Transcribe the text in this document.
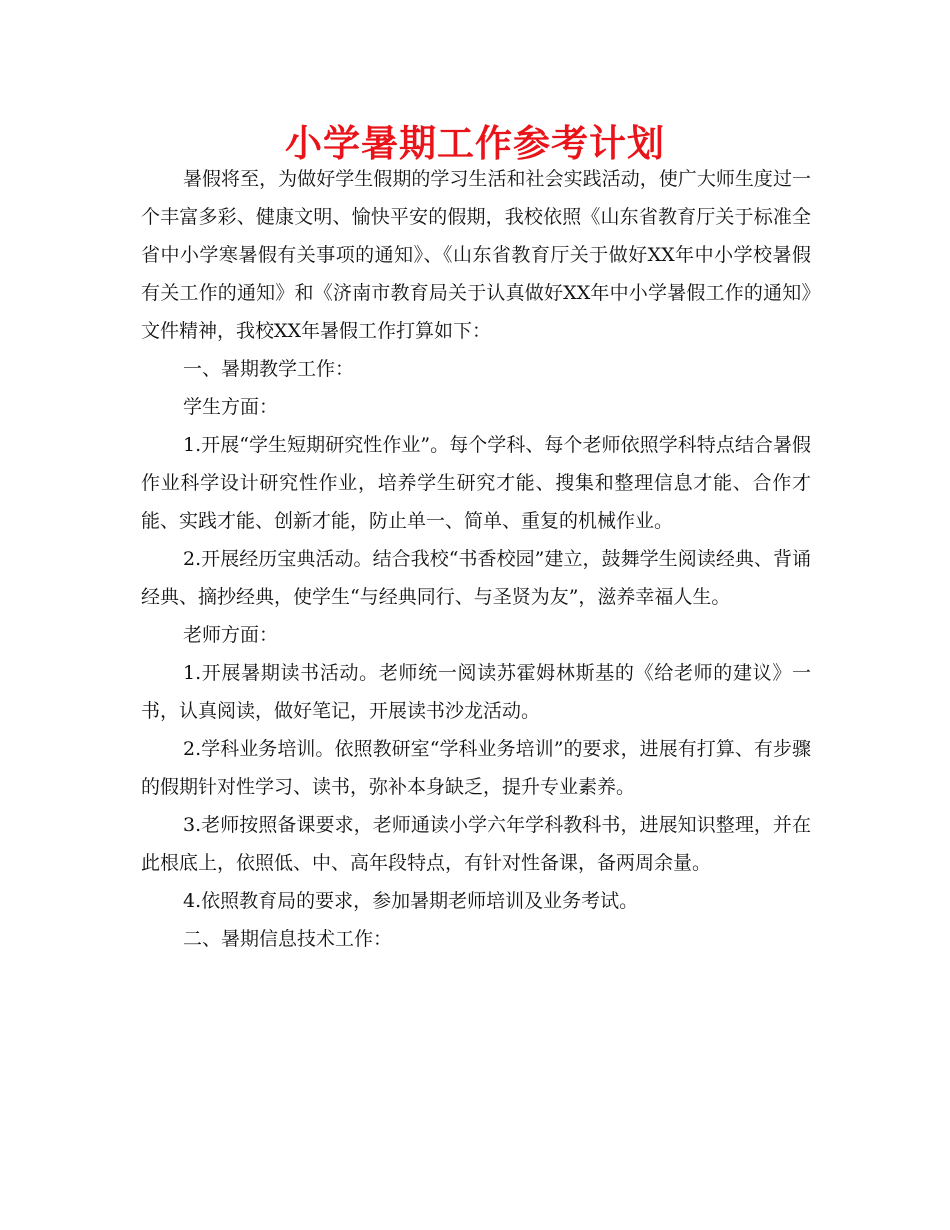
小学暑期工作参考计划

暑假将至，为做好学生假期的学习生活和社会实践活动，使广大师生度过一个丰富多彩、健康文明、愉快平安的假期，我校依照《山东省教育厅关于标准全省中小学寒暑假有关事项的通知》、《山东省教育厅关于做好XX年中小学校暑假有关工作的通知》和《济南市教育局关于认真做好XX年中小学暑假工作的通知》文件精神，我校XX年暑假工作打算如下：

一、暑期教学工作：

学生方面：

1.开展“学生短期研究性作业”。每个学科、每个老师依照学科特点结合暑假作业科学设计研究性作业，培养学生研究才能、搜集和整理信息才能、合作才能、实践才能、创新才能，防止单一、简单、重复的机械作业。

2.开展经历宝典活动。结合我校“书香校园”建立，鼓舞学生阅读经典、背诵经典、摘抄经典，使学生“与经典同行、与圣贤为友”，滋养幸福人生。

老师方面：

1.开展暑期读书活动。老师统一阅读苏霍姆林斯基的《给老师的建议》一书，认真阅读，做好笔记，开展读书沙龙活动。

2.学科业务培训。依照教研室“学科业务培训”的要求，进展有打算、有步骤的假期针对性学习、读书，弥补本身缺乏，提升专业素养。

3.老师按照备课要求，老师通读小学六年学科教科书，进展知识整理，并在此根底上，依照低、中、高年段特点，有针对性备课，备两周余量。

4.依照教育局的要求，参加暑期老师培训及业务考试。

二、暑期信息技术工作：
